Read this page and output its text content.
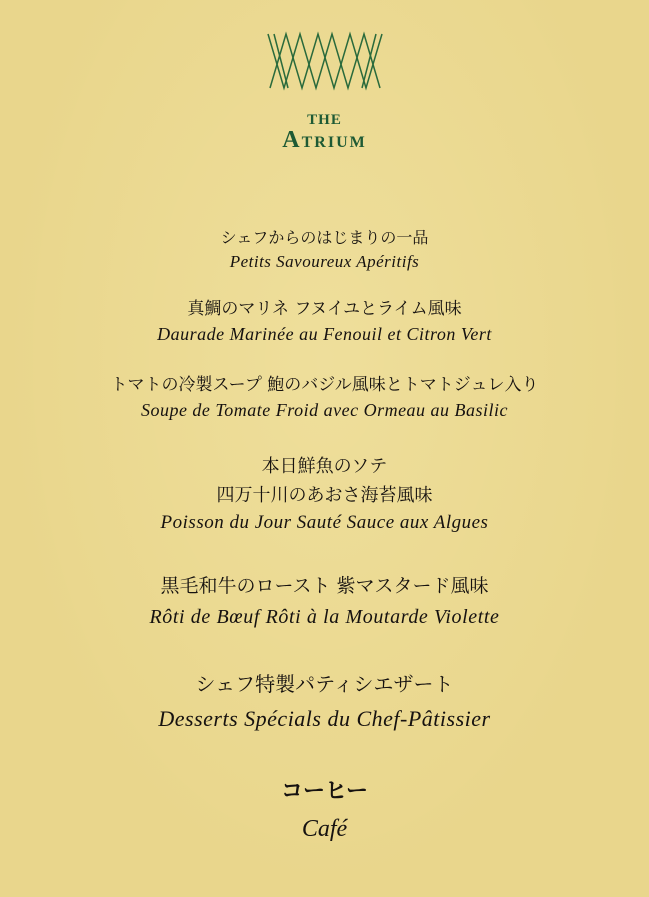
THE
ATRIUM
シェフからのはじまりの一品
Petits Savoureux Apéritifs
真鯛のマリネ フヌイユとライム風味
Daurade Marinée au Fenouil et Citron Vert
トマトの冷製スープ 鮑のバジル風味とトマトジュレ入り
Soupe de Tomate Froid avec Ormeau au Basilic
本日鮮魚のソテ
四万十川のあおさ海苔風味
Poisson du Jour Sauté Sauce aux Algues
黒毛和牛のロースト 紫マスタード風味
Rôti de Bœuf Rôti à la Moutarde Violette
シェフ特製パティシエザート
Desserts Spécials du Chef-Pâtissier
コーヒー
Café
